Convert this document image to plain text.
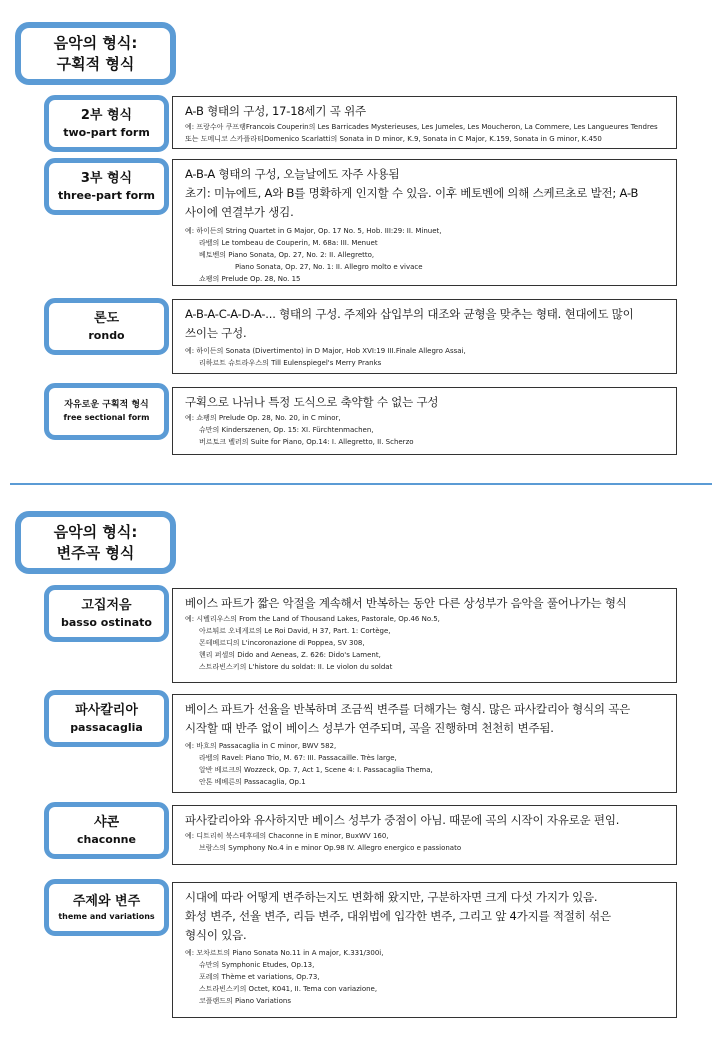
음악의 형식:
구획적 형식
2부 형식
two-part form
A-B 형태의 구성, 17-18세기 곡 위주
예: 프랑수아 쿠프랭Francois Couperin의 Les Barricades Mysterieuses, Les Jumeles, Les Moucheron, La Commere, Les Langueures Tendres
또는 도메니코 스카플라티Domenico Scarlatti의 Sonata in D minor, K.9, Sonata in C Major, K.159, Sonata in G minor, K.450
3부 형식
three-part form
A-B-A 형태의 구성, 오늘날에도 자주 사용됨
초기: 미뉴에트, A와 B를 명확하게 인지할 수 있음. 이후 베토벤에 의해 스케르초로 발전; A-B
사이에 연결부가 생김.
예: 하이든의 String Quartet in G Major, Op. 17 No. 5, Hob. III:29: II. Minuet,
라벨의 Le tombeau de Couperin, M. 68a: III. Menuet
베토벤의 Piano Sonata, Op. 27, No. 2: II. Allegretto,
Piano Sonata, Op. 27, No. 1: II. Allegro molto e vivace
쇼팽의 Prelude Op. 28, No. 15
론도
rondo
A-B-A-C-A-D-A-... 형태의 구성. 주제와 삽입부의 대조와 균형을 맞추는 형태. 현대에도 많이
쓰이는 구성.
예: 하이든의 Sonata (Divertimento) in D Major, Hob XVI:19 III.Finale Allegro Assai,
리하르트 슈트라우스의 Till Eulenspiegel's Merry Pranks
자유로운 구획적 형식
free sectional form
구획으로 나뉘나 특정 도식으로 축약할 수 없는 구성
예: 쇼팽의 Prelude Op. 28, No. 20, in C minor,
슈만의 Kinderszenen, Op. 15: XI. Fürchtenmachen,
버르토크 벨러의 Suite for Piano, Op.14: I. Allegretto, II. Scherzo
음악의 형식:
변주곡 형식
고집저음
basso ostinato
베이스 파트가 짧은 악절을 계속해서 반복하는 동안 다른 상성부가 음악을 풀어나가는 형식
예: 시벨리우스의 From the Land of Thousand Lakes, Pastorale, Op.46 No.5,
아르튀르 오네게르의 Le Roi David, H 37, Part. 1: Cortège,
몬테베르디의 L'incoronazione di Poppea, SV 308,
헨리 퍼셀의 Dido and Aeneas, Z. 626: Dido's Lament,
스트라빈스키의 L'histore du soldat: II. Le violon du soldat
파사칼리아
passacaglia
베이스 파트가 선율을 반복하며 조금씩 변주를 더해가는 형식. 많은 파사칼리아 형식의 곡은
시작할 때 반주 없이 베이스 성부가 연주되며, 곡을 진행하며 천천히 변주됨.
예: 바흐의 Passacaglia in C minor, BWV 582,
라벨의 Ravel: Piano Trio, M. 67: III. Passacaille. Très large,
알반 베르크의 Wozzeck, Op. 7, Act 1, Scene 4: I. Passacaglia Thema,
안톤 베베른의 Passacaglia, Op.1
샤콘
chaconne
파사칼리아와 유사하지만 베이스 성부가 중점이 아님. 때문에 곡의 시작이 자유로운 편임.
예: 디트리히 북스테후데의 Chaconne in E minor, BuxWV 160,
브람스의 Symphony No.4 in e minor Op.98 IV. Allegro energico e passionato
주제와 변주
theme and variations
시대에 따라 어떻게 변주하는지도 변화해 왔지만, 구분하자면 크게 다섯 가지가 있음.
화성 변주, 선율 변주, 리듬 변주, 대위법에 입각한 변주, 그리고 앞 4가지를 적절히 섞은
형식이 있음.
예: 모차르트의 Piano Sonata No.11 in A major, K.331/300i,
슈만의 Symphonic Etudes, Op.13,
포레의 Thème et variations, Op.73,
스트라빈스키의 Octet, K041, II. Tema con variazione,
코플랜드의 Piano Variations
